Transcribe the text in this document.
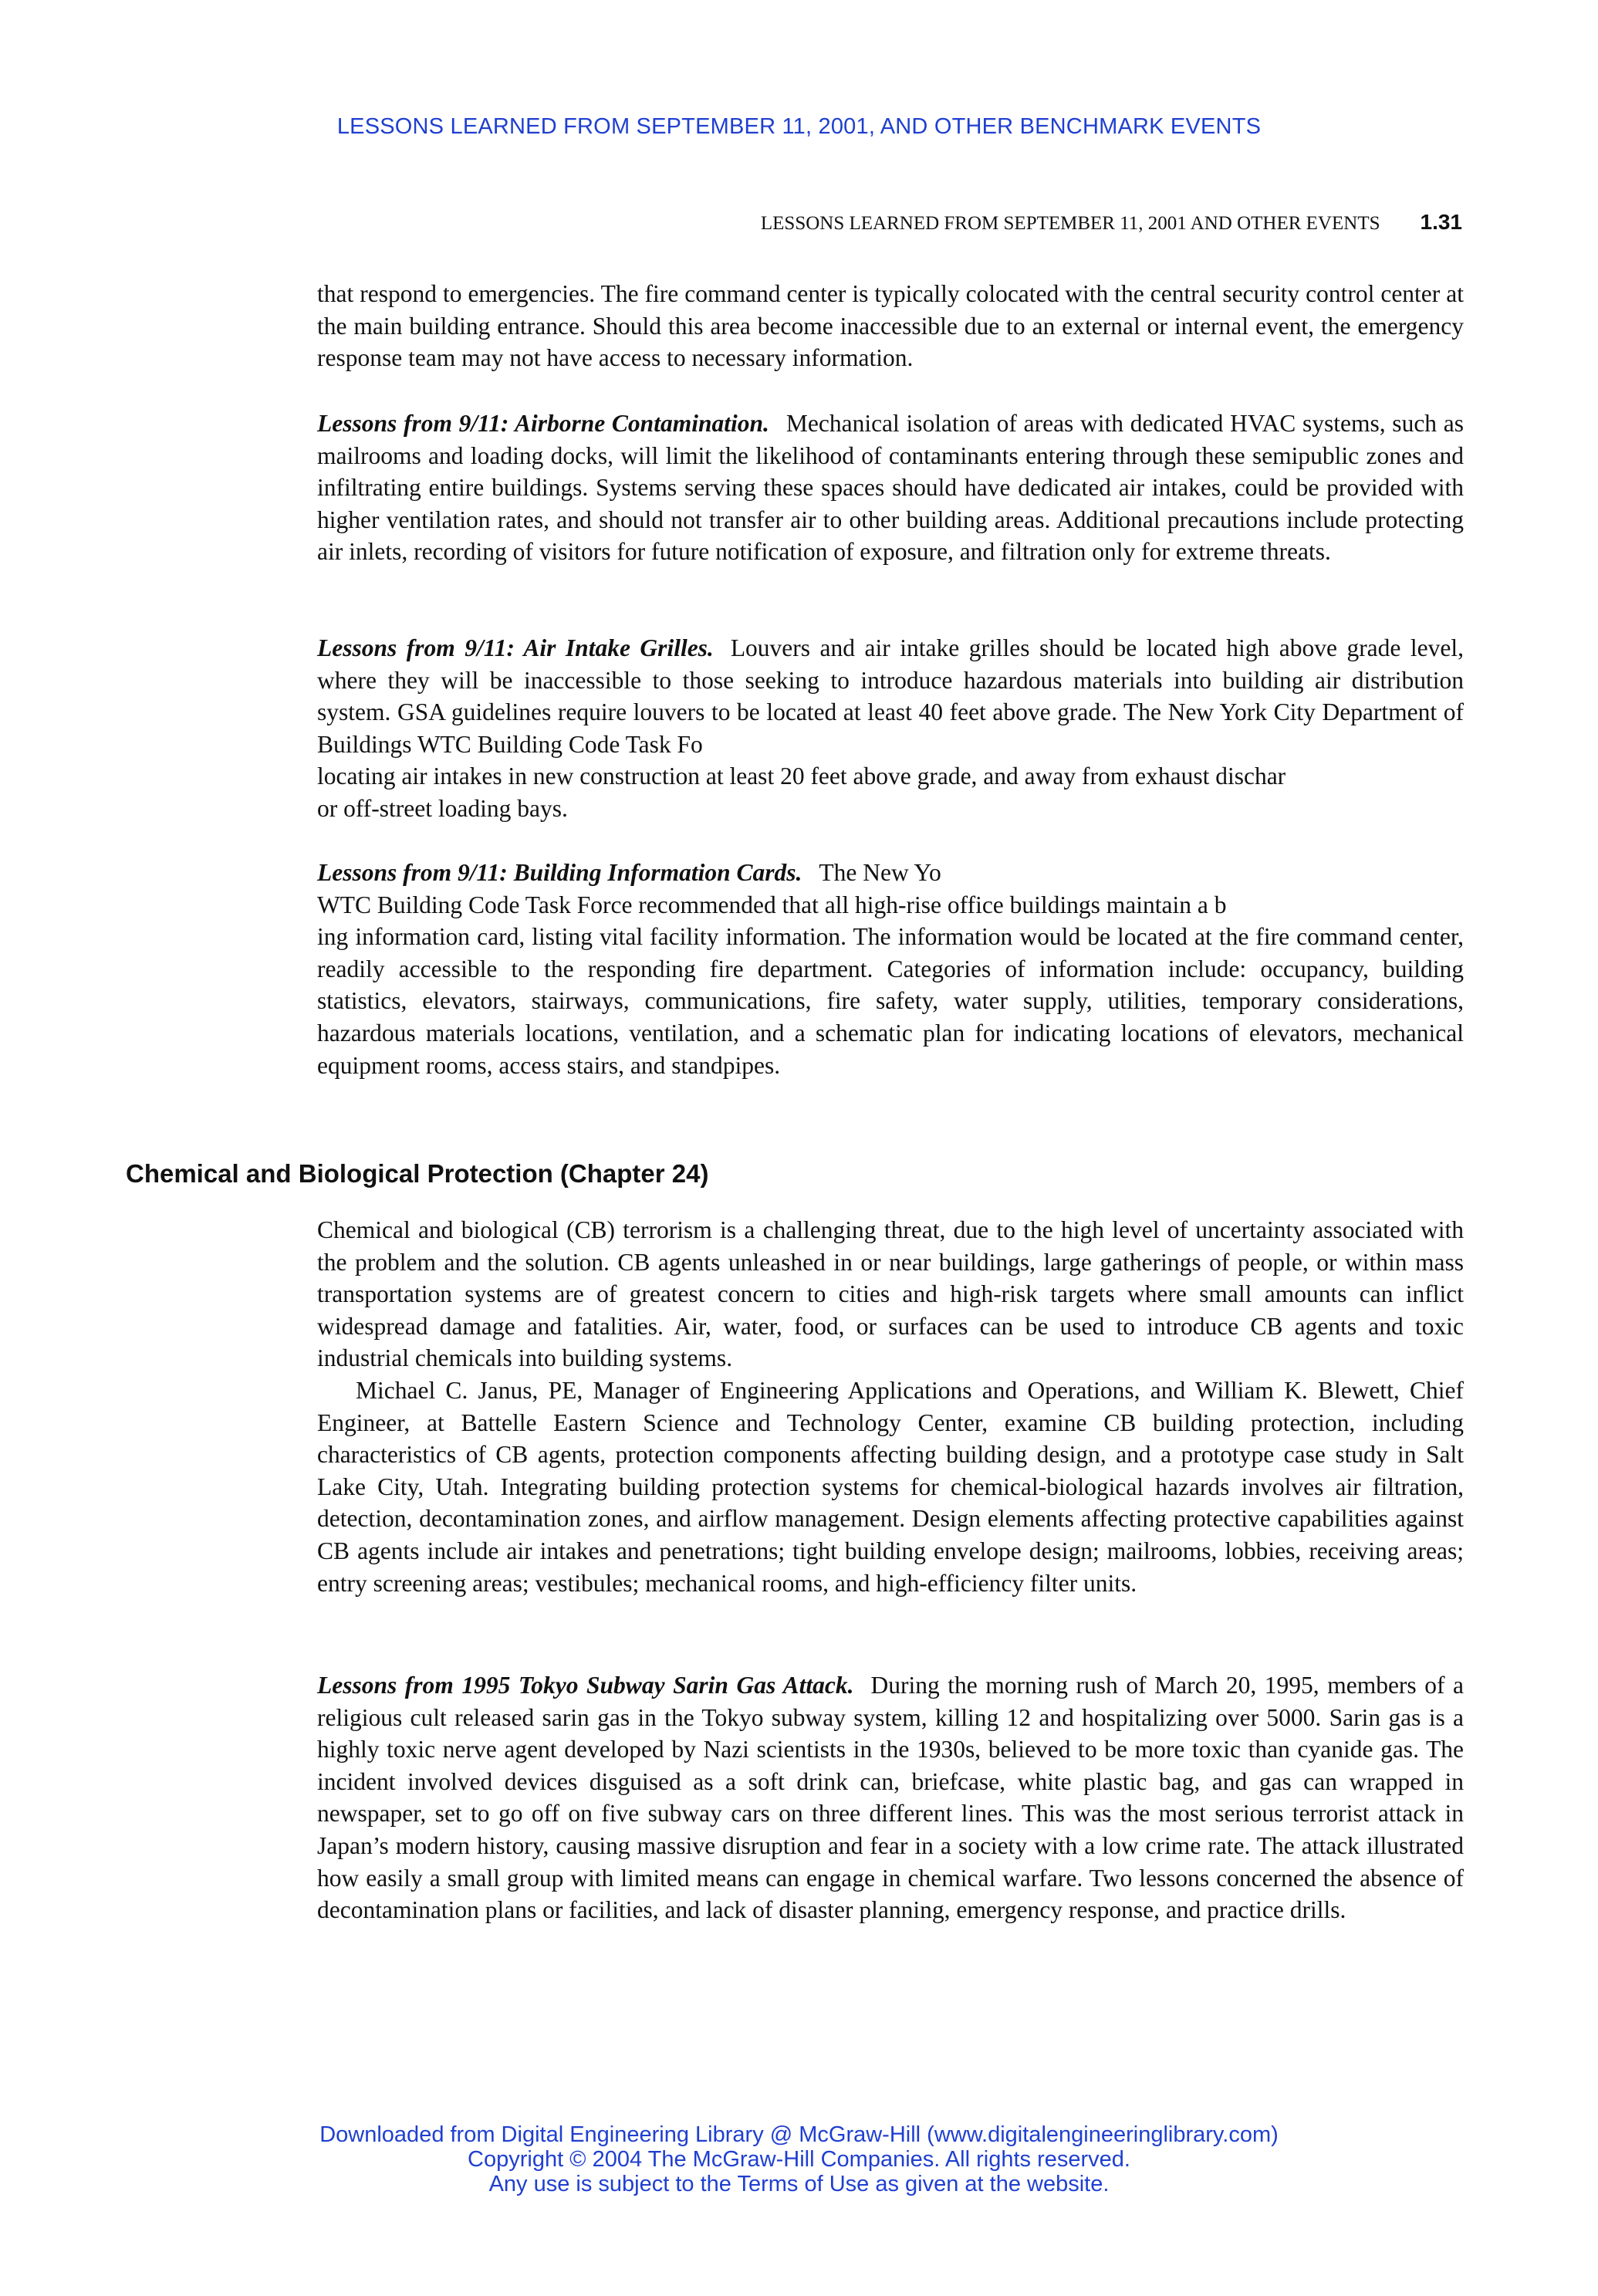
LESSONS LEARNED FROM SEPTEMBER 11, 2001, AND OTHER BENCHMARK EVENTS
LESSONS LEARNED FROM SEPTEMBER 11, 2001 AND OTHER EVENTS 1.31

that respond to emergencies. The fire command center is typically colocated with the central security control center at the main building entrance. Should this area become inaccessible due to an external or internal event, the emergency response team may not have access to necessary information.

Lessons from 9/11: Airborne Contamination. Mechanical isolation of areas with dedicated HVAC systems, such as mailrooms and loading docks, will limit the likelihood of contaminants entering through these semipublic zones and infiltrating entire buildings. Systems serving these spaces should have dedicated air intakes, could be provided with higher ventilation rates, and should not transfer air to other building areas. Additional precautions include protecting air inlets, recording of visitors for future notification of exposure, and filtration only for extreme threats.

Lessons from 9/11: Air Intake Grilles. Louvers and air intake grilles should be located high above grade level, where they will be inaccessible to those seeking to introduce hazardous materials into building air distribution system. GSA guidelines require louvers to be located at least 40 feet above grade. The New York City Department of Buildings WTC Building Code Task Fo

locating air intakes in new construction at least 20 feet above grade, and away from exhaust dischar

or off-street loading bays.

Lessons from 9/11: Building Information Cards. The New Yo

WTC Building Code Task Force recommended that all high-rise office buildings maintain a b

ing information card, listing vital facility information. The information would be located at the fire command center, readily accessible to the responding fire department. Categories of information include: occupancy, building statistics, elevators, stairways, communications, fire safety, water supply, utilities, temporary considerations, hazardous materials locations, ventilation, and a schematic plan for indicating locations of elevators, mechanical equipment rooms, access stairs, and standpipes.

Chemical and Biological Protection (Chapter 24)

Chemical and biological (CB) terrorism is a challenging threat, due to the high level of uncertainty associated with the problem and the solution. CB agents unleashed in or near buildings, large gatherings of people, or within mass transportation systems are of greatest concern to cities and high-risk targets where small amounts can inflict widespread damage and fatalities. Air, water, food, or surfaces can be used to introduce CB agents and toxic industrial chemicals into building systems.

Michael C. Janus, PE, Manager of Engineering Applications and Operations, and William K. Blewett, Chief Engineer, at Battelle Eastern Science and Technology Center, examine CB building protection, including characteristics of CB agents, protection components affecting building design, and a prototype case study in Salt Lake City, Utah. Integrating building protection systems for chemical-biological hazards involves air filtration, detection, decontamination zones, and airflow management. Design elements affecting protective capabilities against CB agents include air intakes and penetrations; tight building envelope design; mailrooms, lobbies, receiving areas; entry screening areas; vestibules; mechanical rooms, and high-efficiency filter units.

Lessons from 1995 Tokyo Subway Sarin Gas Attack. During the morning rush of March 20, 1995, members of a religious cult released sarin gas in the Tokyo subway system, killing 12 and hospitalizing over 5000. Sarin gas is a highly toxic nerve agent developed by Nazi scientists in the 1930s, believed to be more toxic than cyanide gas. The incident involved devices disguised as a soft drink can, briefcase, white plastic bag, and gas can wrapped in newspaper, set to go off on five subway cars on three different lines. This was the most serious terrorist attack in Japan’s modern history, causing massive disruption and fear in a society with a low crime rate. The attack illustrated how easily a small group with limited means can engage in chemical warfare. Two lessons concerned the absence of decontamination plans or facilities, and lack of disaster planning, emergency response, and practice drills.

Downloaded from Digital Engineering Library @ McGraw-Hill (www.digitalengineeringlibrary.com)
Copyright © 2004 The McGraw-Hill Companies. All rights reserved.
Any use is subject to the Terms of Use as given at the website.
